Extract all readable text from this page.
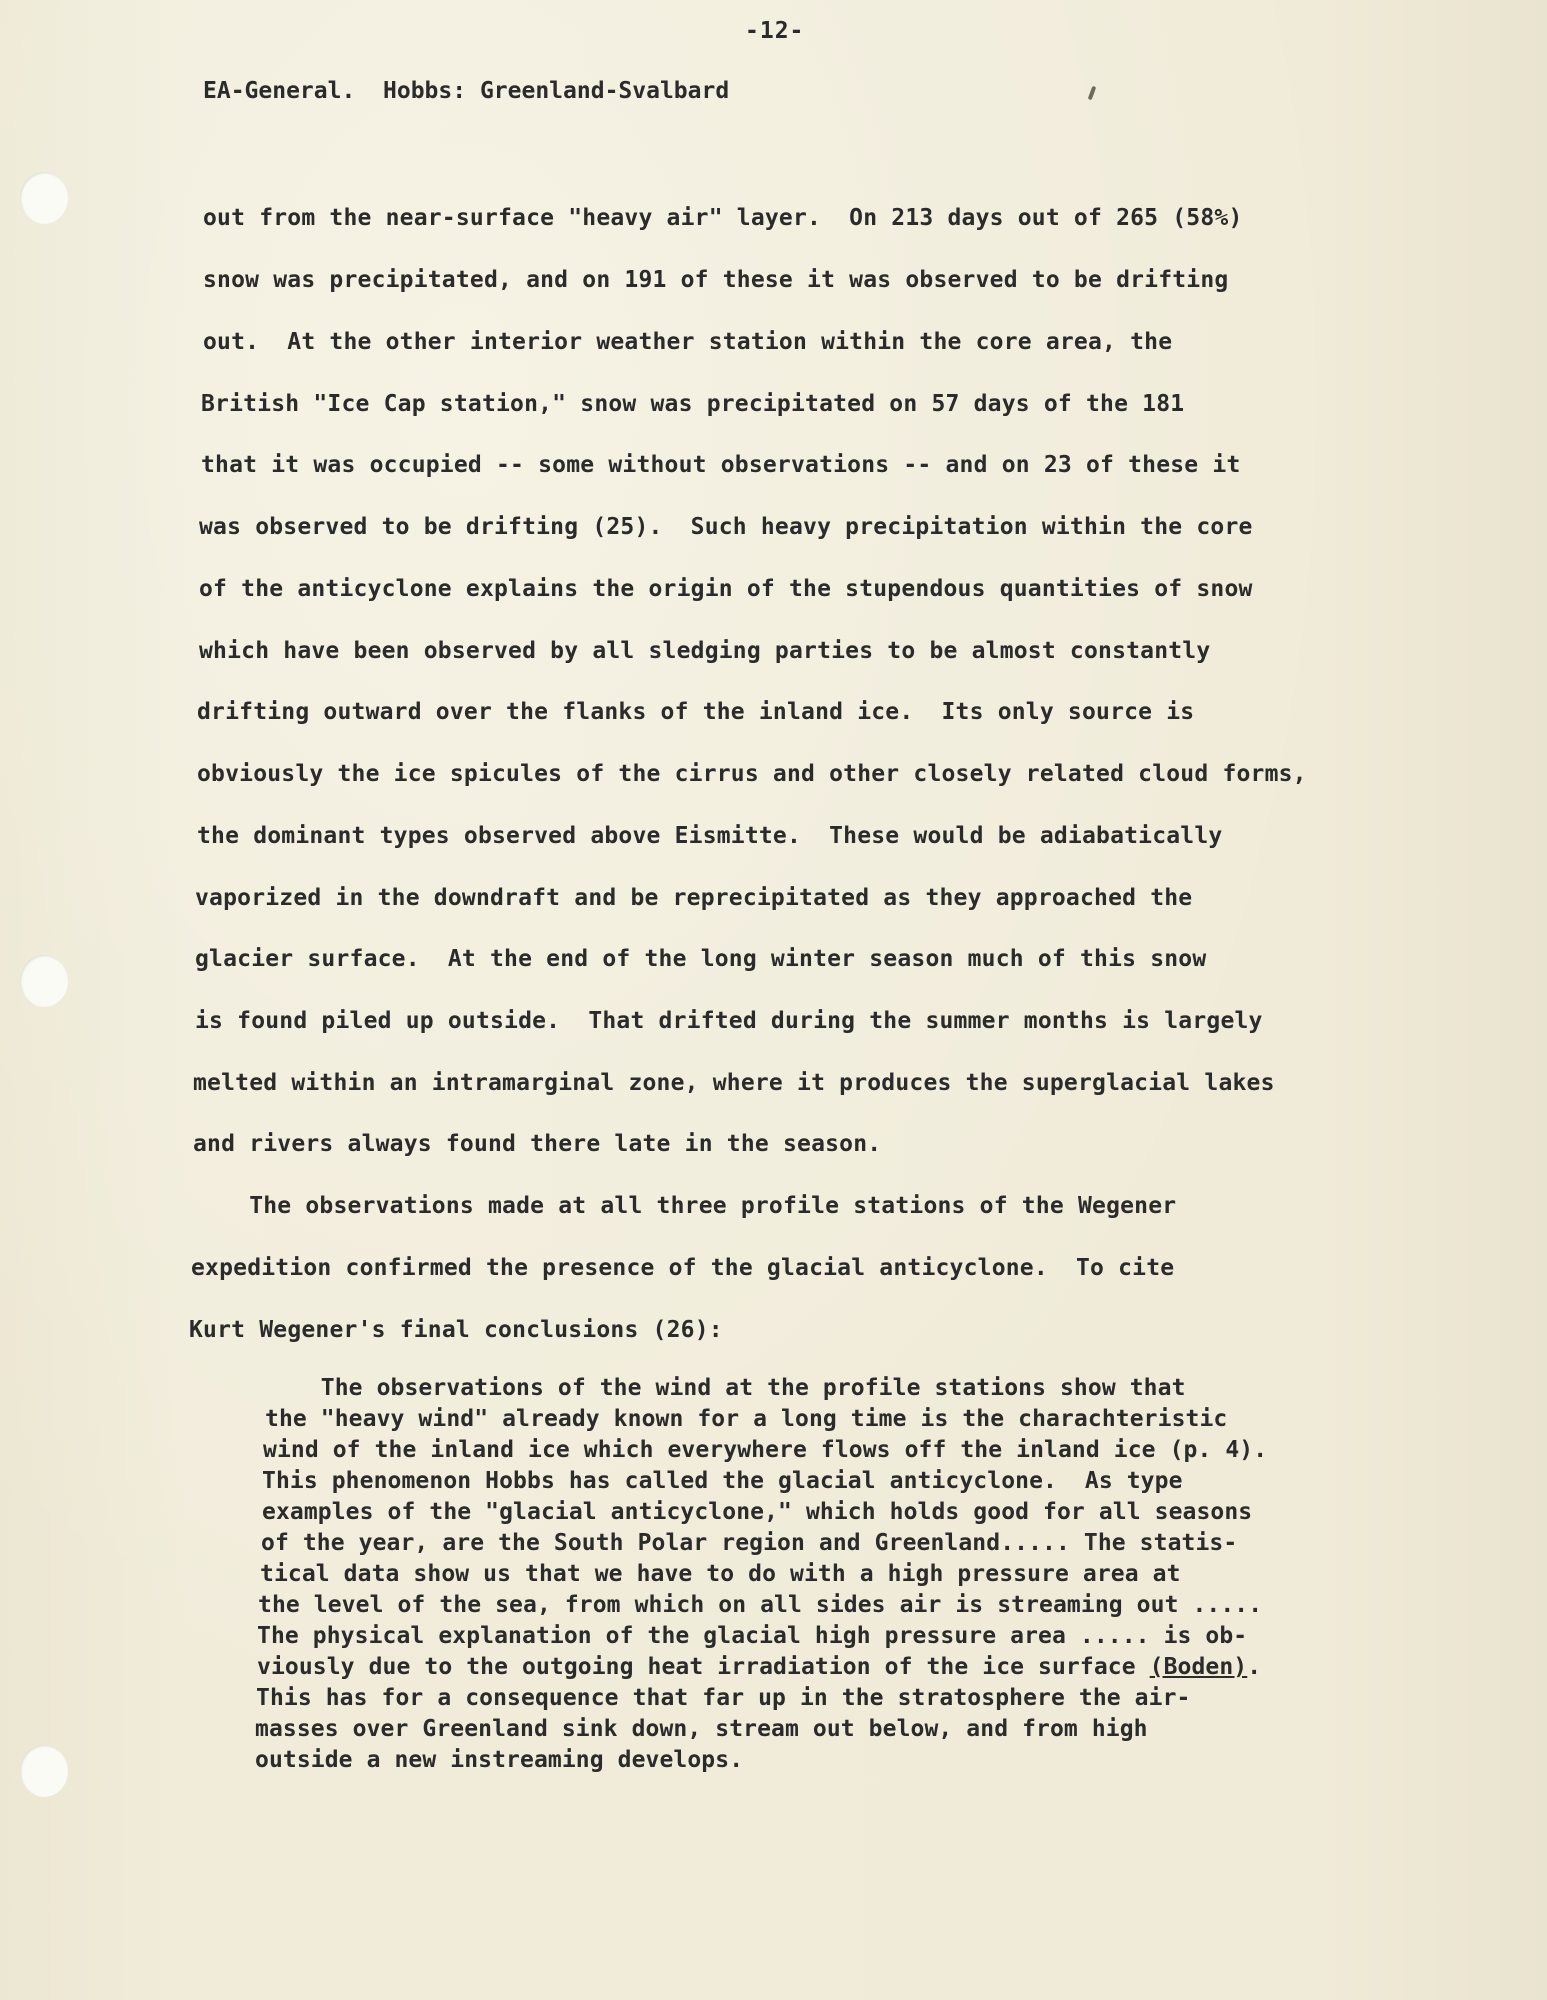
-12-
EA-General.  Hobbs: Greenland-Svalbard
out from the near-surface "heavy air" layer.  On 213 days out of 265 (58%)
snow was precipitated, and on 191 of these it was observed to be drifting
out.  At the other interior weather station within the core area, the
British "Ice Cap station," snow was precipitated on 57 days of the 181
that it was occupied -- some without observations -- and on 23 of these it
was observed to be drifting (25).  Such heavy precipitation within the core
of the anticyclone explains the origin of the stupendous quantities of snow
which have been observed by all sledging parties to be almost constantly
drifting outward over the flanks of the inland ice.  Its only source is
obviously the ice spicules of the cirrus and other closely related cloud forms,
the dominant types observed above Eismitte.  These would be adiabatically
vaporized in the downdraft and be reprecipitated as they approached the
glacier surface.  At the end of the long winter season much of this snow
is found piled up outside.  That drifted during the summer months is largely
melted within an intramarginal zone, where it produces the superglacial lakes
and rivers always found there late in the season.
The observations made at all three profile stations of the Wegener
expedition confirmed the presence of the glacial anticyclone.  To cite
Kurt Wegener's final conclusions (26):
The observations of the wind at the profile stations show that
the "heavy wind" already known for a long time is the charachteristic
wind of the inland ice which everywhere flows off the inland ice (p. 4).
This phenomenon Hobbs has called the glacial anticyclone.  As type
examples of the "glacial anticyclone," which holds good for all seasons
of the year, are the South Polar region and Greenland..... The statis-
tical data show us that we have to do with a high pressure area at
the level of the sea, from which on all sides air is streaming out .....
The physical explanation of the glacial high pressure area ..... is ob-
viously due to the outgoing heat irradiation of the ice surface (Boden).
This has for a consequence that far up in the stratosphere the air-
masses over Greenland sink down, stream out below, and from high
outside a new instreaming develops.
